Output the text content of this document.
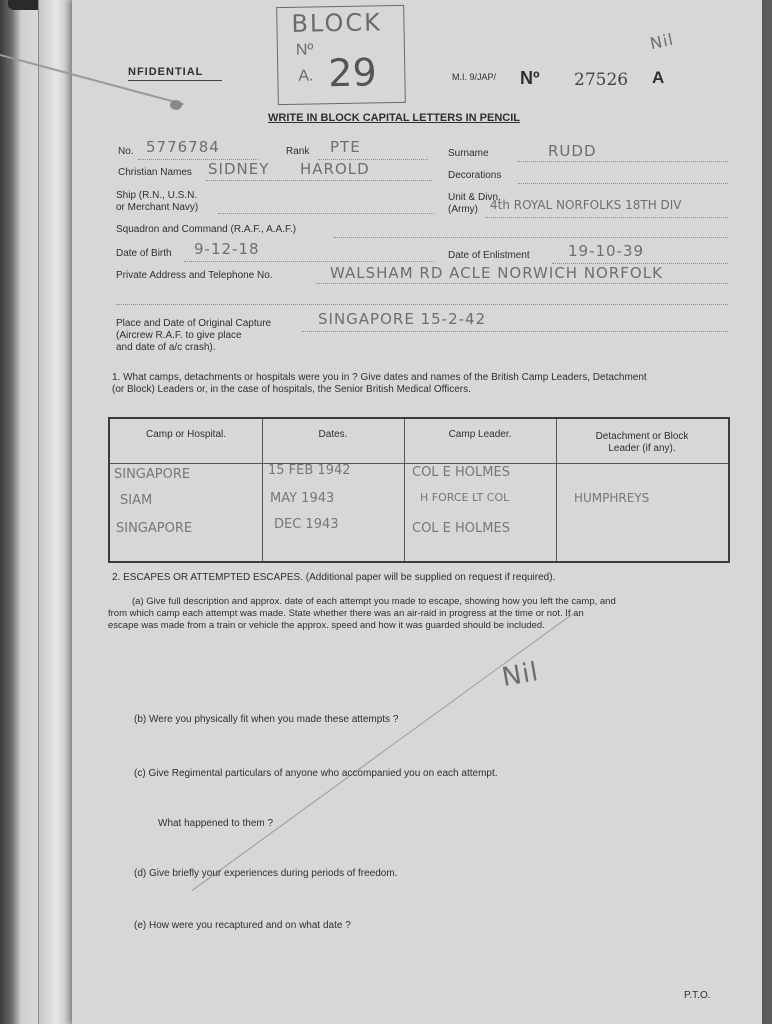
NFIDENTIAL
BLOCK
Nº
A. 29	M.I. 9/JAP/ Nº 27526 A
Nil
WRITE IN BLOCK CAPITAL LETTERS IN PENCIL
No. 5776784	Rank PTE	Surname	RUDD
Christian Names SIDNEY HAROLD	Decorations
Ship (R.N., U.S.N.
or Merchant Navy)
Unit & Divn.
(Army) 4th ROYAL NORFOLKS 18TH DIV
Squadron and Command (R.A.F., A.A.F.)
Date of Birth 9-12-18	Date of Enlistment	19-10-39
Private Address and Telephone No.	WALSHAM RD ACLE NORWICH NORFOLK
Place and Date of Original Capture
(Aircrew R.A.F. to give place
and date of a/c crash).
SINGAPORE 15-2-42
1. What camps, detachments or hospitals were you in ? Give dates and names of the British Camp Leaders, Detachment
(or Block) Leaders or, in the case of hospitals, the Senior British Medical Officers.
Camp or Hospital.	Dates.	Camp Leader.	Detachment or Block
Leader (if any).
SINGAPORE	15 FEB 1942	COL E HOLMES
SIAM	MAY 1943	H FORCE LT COL	HUMPHREYS
SINGAPORE	DEC 1943	COL E HOLMES
2. ESCAPES OR ATTEMPTED ESCAPES. (Additional paper will be supplied on request if required).
(a) Give full description and approx. date of each attempt you made to escape, showing how you left the camp, and
from which camp each attempt was made. State whether there was an air-raid in progress at the time or not. If an
escape was made from a train or vehicle the approx. speed and how it was guarded should be included.
Nil
(b) Were you physically fit when you made these attempts ?
(c) Give Regimental particulars of anyone who accompanied you on each attempt.
What happened to them ?
(d) Give briefly your experiences during periods of freedom.
(e) How were you recaptured and on what date ?
P.T.O.
